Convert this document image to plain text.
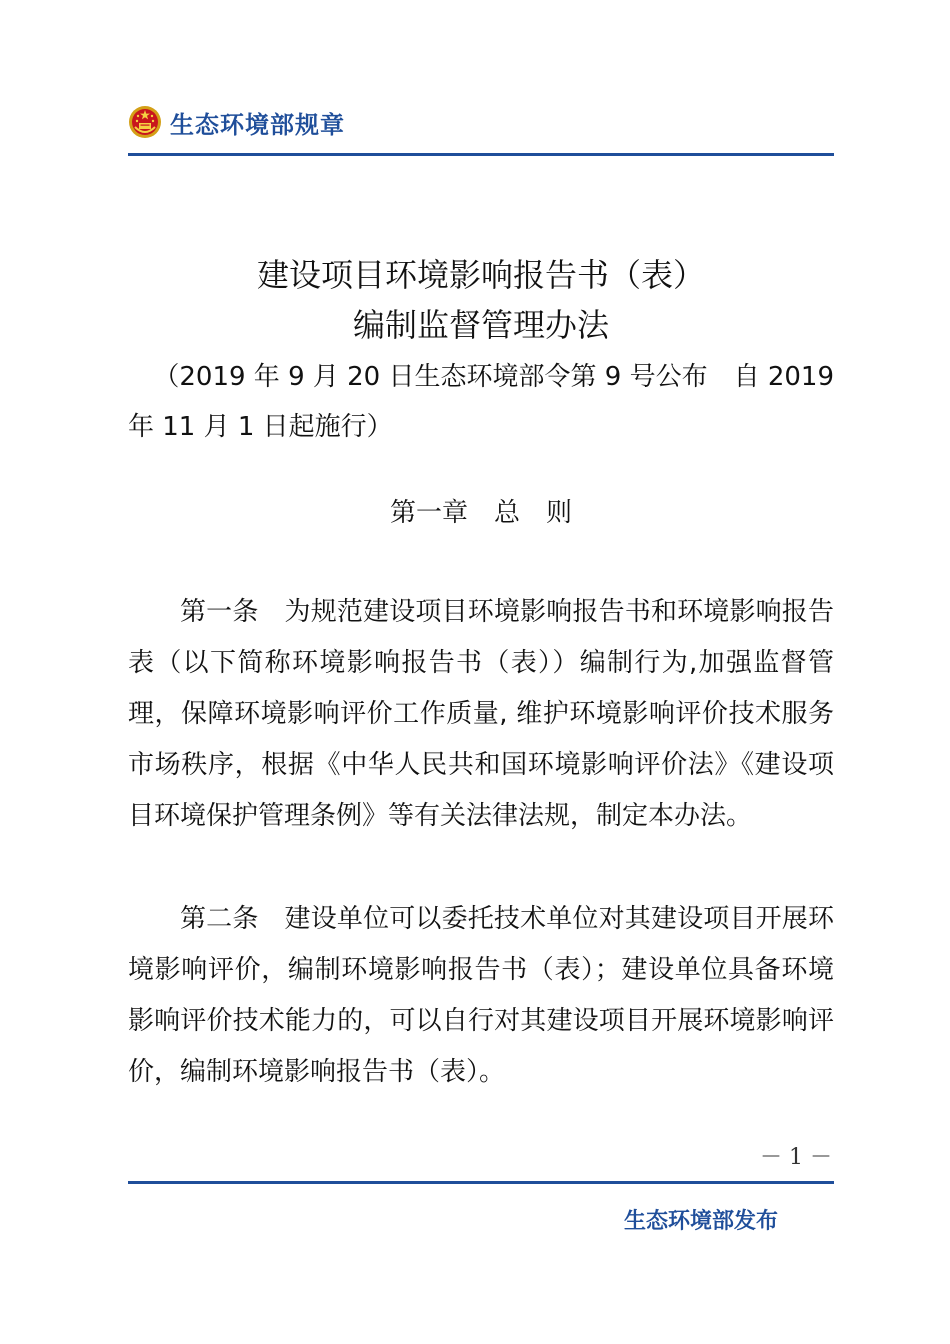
生态环境部规章
建设项目环境影响报告书（表）
编制监督管理办法
（2019 年 9 月 20 日生态环境部令第 9 号公布　自 2019
年 11 月 1 日起施行）
第一章 总 则
第一条 为规范建设项目环境影响报告书和环境影响报告表（以下简称环境影响报告书（表））编制行为,加强监督管理，保障环境影响评价工作质量, 维护环境影响评价技术服务市场秩序，根据《中华人民共和国环境影响评价法》《建设项目环境保护管理条例》等有关法律法规，制定本办法。
第二条 建设单位可以委托技术单位对其建设项目开展环境影响评价，编制环境影响报告书（表）；建设单位具备环境影响评价技术能力的，可以自行对其建设项目开展环境影响评价，编制环境影响报告书（表）。
－ 1 －
生态环境部发布
